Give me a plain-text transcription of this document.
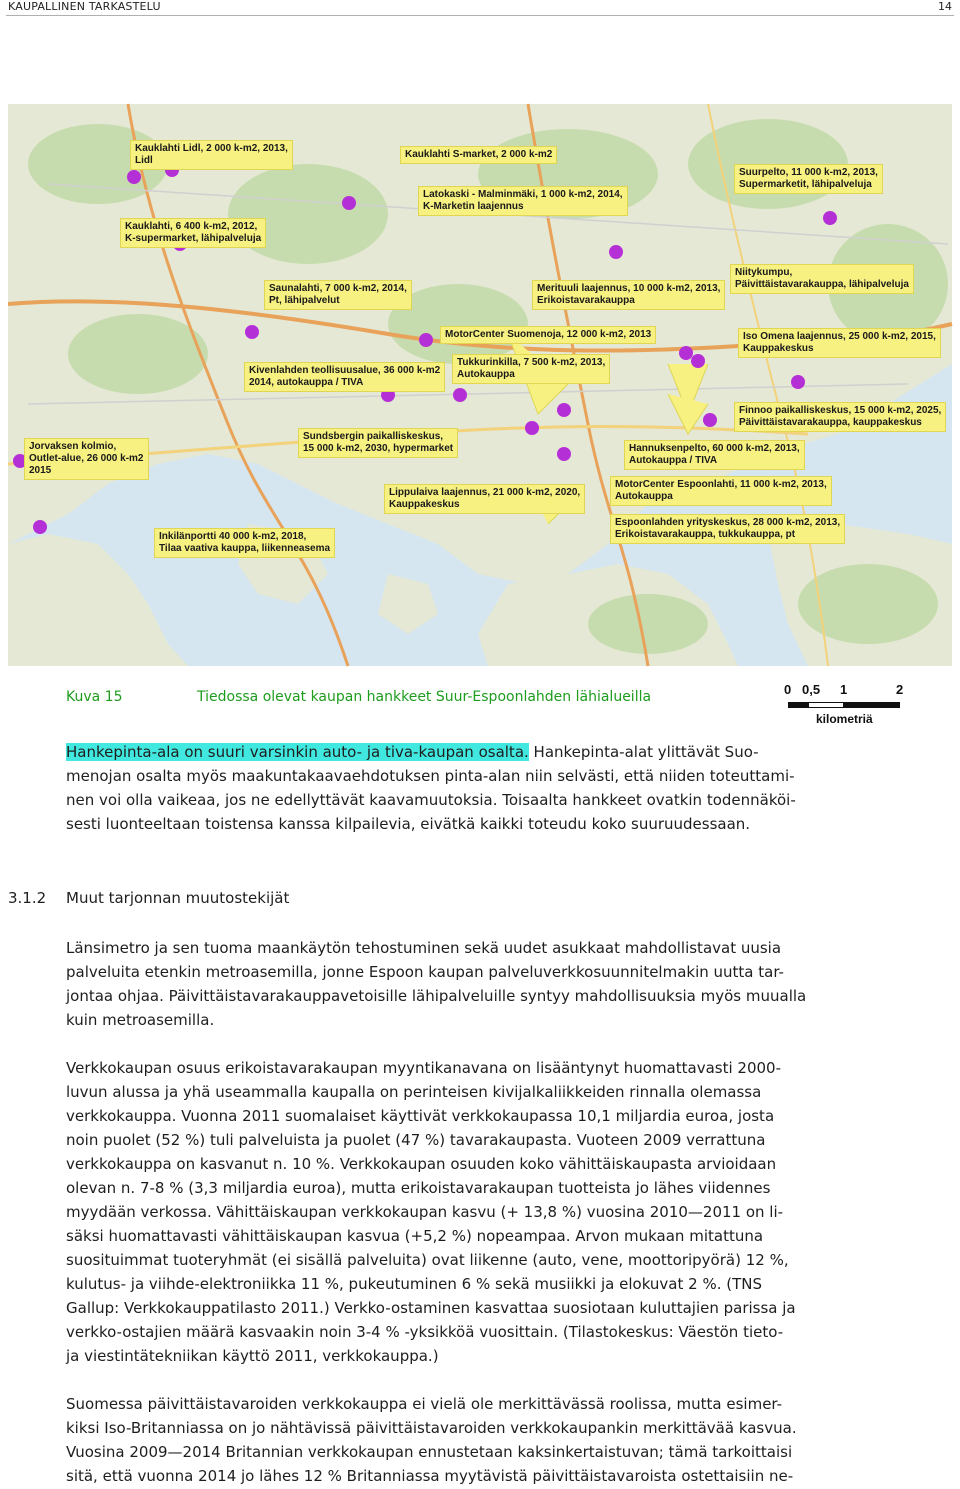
KAUPALLINEN TARKASTELU	14
Kauklahti Lidl, 2 000 k-m2, 2013,
Lidl
Kauklahti S-market, 2 000 k-m2
Latokaski - Malminmäki, 1 000 k-m2, 2014,
K-Marketin laajennus
Suurpelto, 11 000 k-m2, 2013,
Supermarketit, lähipalveluja
Kauklahti, 6 400 k-m2, 2012,
K-supermarket, lähipalveluja
Niitykumpu,
Päivittäistavarakauppa, lähipalveluja
Saunalahti, 7 000 k-m2, 2014,
Pt, lähipalvelut
Merituuli laajennus, 10 000 k-m2, 2013,
Erikoistavarakauppa
Iso Omena laajennus, 25 000 k-m2, 2015,
Kauppakeskus
MotorCenter Suomenoja, 12 000 k-m2, 2013
Tukkurinkilla, 7 500 k-m2, 2013,
Autokauppa
Kivenlahden teollisuusalue, 36 000 k-m2
2014, autokauppa / TIVA
Finnoo paikalliskeskus, 15 000 k-m2, 2025,
Päivittäistavarakauppa, kauppakeskus
Sundsbergin paikalliskeskus,
15 000 k-m2, 2030, hypermarket	Hannuksenpelto, 60 000 k-m2, 2013,
Autokauppa / TIVA
Jorvaksen kolmio,
Outlet-alue, 26 000 k-m2
2015
Lippulaiva laajennus, 21 000 k-m2, 2020,
Kauppakeskus
MotorCenter Espoonlahti, 11 000 k-m2, 2013,
Autokauppa
Espoonlahden yrityskeskus, 28 000 k-m2, 2013,
Erikoistavarakauppa, tukkukauppa, pt
Inkilänportti 40 000 k-m2, 2018,
Tilaa vaativa kauppa, liikenneasema
0 0,5 1	2
kilometriä
Kuva 15	Tiedossa olevat kaupan hankkeet Suur-Espoonlahden lähialueilla
Hankepinta-ala on suuri varsinkin auto- ja tiva-kaupan osalta. Hankepinta-alat ylittävät Suo-
menojan osalta myös maakuntakaavaehdotuksen pinta-alan niin selvästi, että niiden toteuttami-
nen voi olla vaikeaa, jos ne edellyttävät kaavamuutoksia. Toisaalta hankkeet ovatkin todennäköi-
sesti luonteeltaan toistensa kanssa kilpailevia, eivätkä kaikki toteudu koko suuruudessaan.
3.1.2 Muut tarjonnan muutostekijät
Länsimetro ja sen tuoma maankäytön tehostuminen sekä uudet asukkaat mahdollistavat uusia
palveluita etenkin metroasemilla, jonne Espoon kaupan palveluverkkosuunnitelmakin uutta tar-
jontaa ohjaa. Päivittäistavarakauppavetoisille lähipalveluille syntyy mahdollisuuksia myös muualla
kuin metroasemilla.
Verkkokaupan osuus erikoistavarakaupan myyntikanavana on lisääntynyt huomattavasti 2000-
luvun alussa ja yhä useammalla kaupalla on perinteisen kivijalkaliikkeiden rinnalla olemassa
verkkokauppa. Vuonna 2011 suomalaiset käyttivät verkkokaupassa 10,1 miljardia euroa, josta
noin puolet (52 %) tuli palveluista ja puolet (47 %) tavarakaupasta. Vuoteen 2009 verrattuna
verkkokauppa on kasvanut n. 10 %. Verkkokaupan osuuden koko vähittäiskaupasta arvioidaan
olevan n. 7-8 % (3,3 miljardia euroa), mutta erikoistavarakaupan tuotteista jo lähes viidennes
myydään verkossa. Vähittäiskaupan verkkokaupan kasvu (+ 13,8 %) vuosina 2010—2011 on li-
säksi huomattavasti vähittäiskaupan kasvua (+5,2 %) nopeampaa. Arvon mukaan mitattuna
suosituimmat tuoteryhmät (ei sisällä palveluita) ovat liikenne (auto, vene, moottoripyörä) 12 %,
kulutus- ja viihde-elektroniikka 11 %, pukeutuminen 6 % sekä musiikki ja elokuvat 2 %. (TNS
Gallup: Verkkokauppatilasto 2011.) Verkko-ostaminen kasvattaa suosiotaan kuluttajien parissa ja
verkko-ostajien määrä kasvaakin noin 3-4 % -yksikköä vuosittain. (Tilastokeskus: Väestön tieto-
ja viestintätekniikan käyttö 2011, verkkokauppa.)
Suomessa päivittäistavaroiden verkkokauppa ei vielä ole merkittävässä roolissa, mutta esimer-
kiksi Iso-Britanniassa on jo nähtävissä päivittäistavaroiden verkkokaupankin merkittävää kasvua.
Vuosina 2009—2014 Britannian verkkokaupan ennustetaan kaksinkertaistuvan; tämä tarkoittaisi
sitä, että vuonna 2014 jo lähes 12 % Britanniassa myytävistä päivittäistavaroista ostettaisiin ne-
